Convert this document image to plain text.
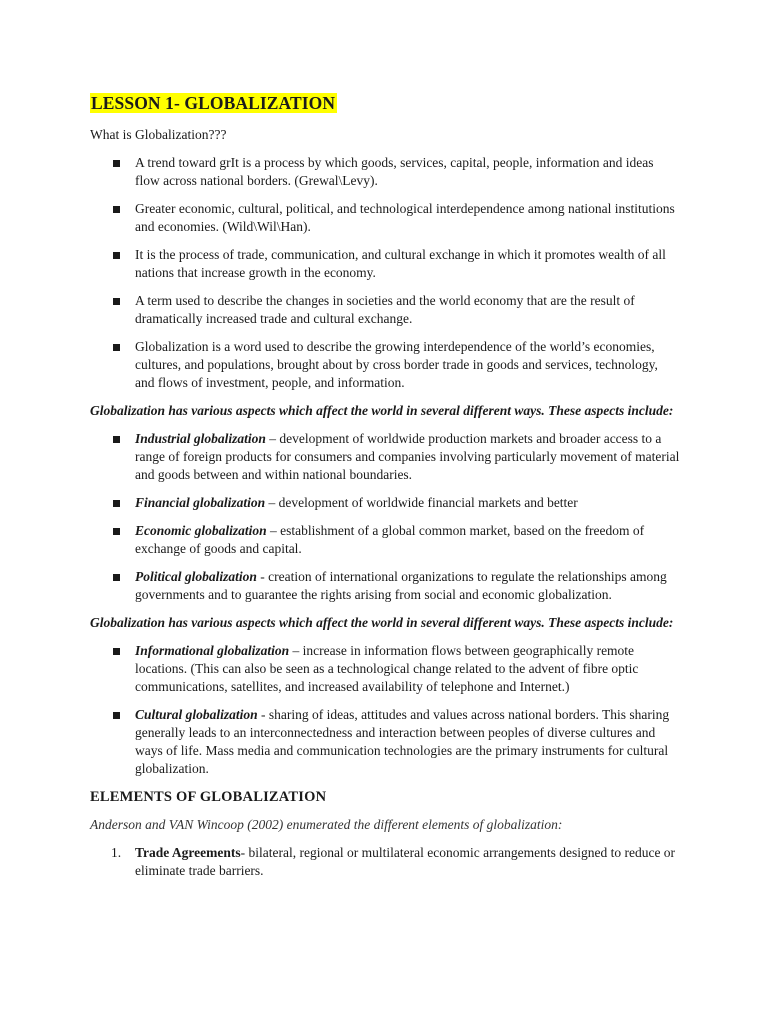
LESSON 1- GLOBALIZATION

What is Globalization???

A trend toward grIt is a process by which goods, services, capital, people, information and ideas flow across national borders. (Grewal\Levy).
Greater economic, cultural, political, and technological interdependence among national institutions and economies. (Wild\Wil\Han).
It is the process of trade, communication, and cultural exchange in which it promotes wealth of all nations that increase growth in the economy.
A term used to describe the changes in societies and the world economy that are the result of dramatically increased trade and cultural exchange.
Globalization is a word used to describe the growing interdependence of the world’s economies, cultures, and populations, brought about by cross border trade in goods and services, technology, and flows of investment, people, and information.

Globalization has various aspects which affect the world in several different ways. These aspects include:

Industrial globalization – development of worldwide production markets and broader access to a range of foreign products for consumers and companies involving particularly movement of material and goods between and within national boundaries.
Financial globalization – development of worldwide financial markets and better
Economic globalization – establishment of a global common market, based on the freedom of exchange of goods and capital.
Political globalization - creation of international organizations to regulate the relationships among governments and to guarantee the rights arising from social and economic globalization.

Globalization has various aspects which affect the world in several different ways. These aspects include:

Informational globalization – increase in information flows between geographically remote locations. (This can also be seen as a technological change related to the advent of fibre optic communications, satellites, and increased availability of telephone and Internet.)
Cultural globalization - sharing of ideas, attitudes and values across national borders. This sharing generally leads to an interconnectedness and interaction between peoples of diverse cultures and ways of life. Mass media and communication technologies are the primary instruments for cultural globalization.
ELEMENTS OF GLOBALIZATION

Anderson and VAN Wincoop (2002) enumerated the different elements of globalization:

1. Trade Agreements- bilateral, regional or multilateral economic arrangements designed to reduce or eliminate trade barriers.
